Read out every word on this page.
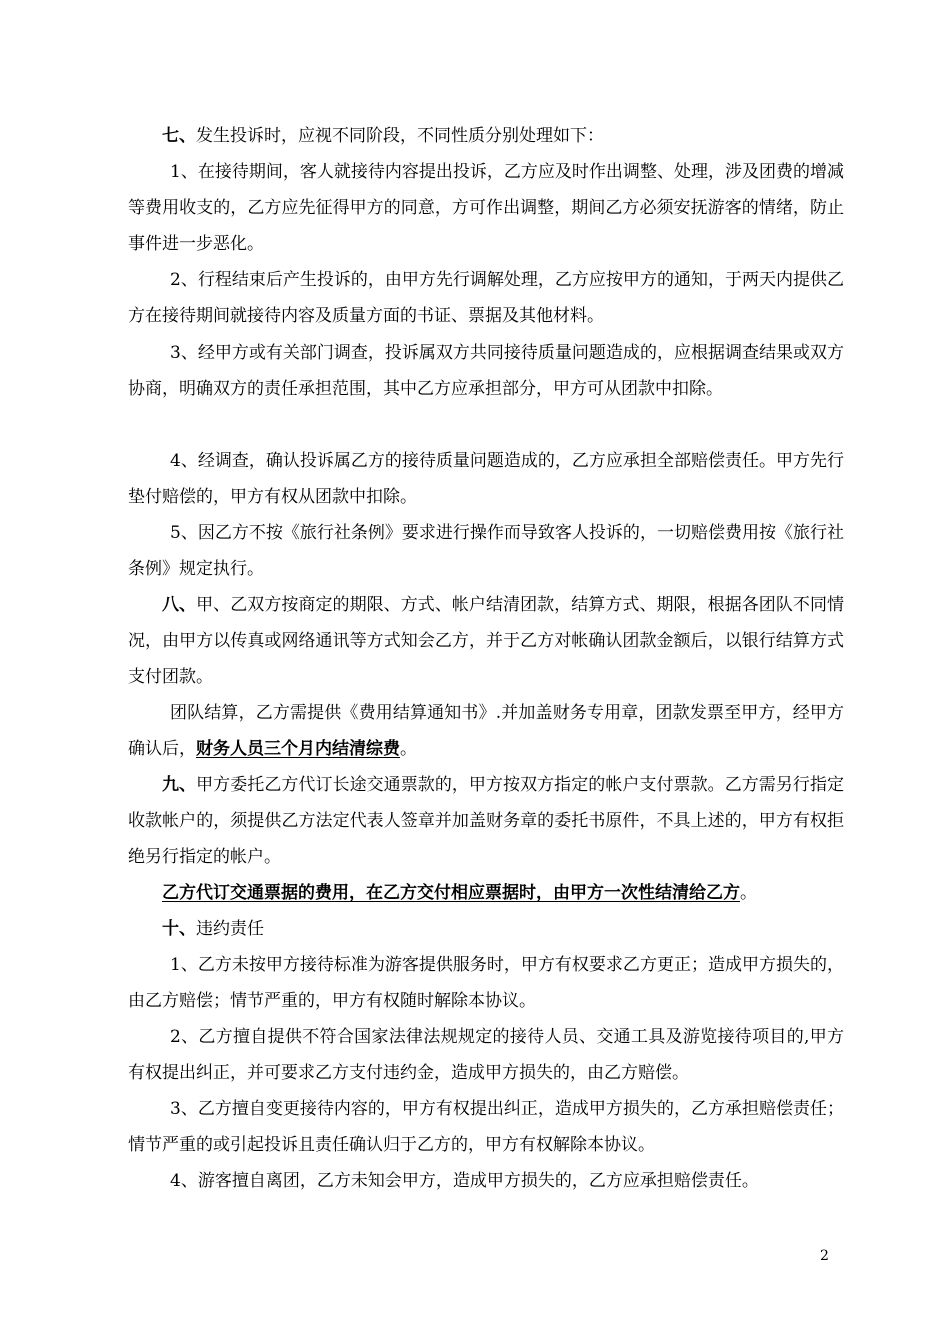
七、发生投诉时，应视不同阶段，不同性质分别处理如下：

1、在接待期间，客人就接待内容提出投诉，乙方应及时作出调整、处理，涉及团费的增减等费用收支的，乙方应先征得甲方的同意，方可作出调整，期间乙方必须安抚游客的情绪，防止事件进一步恶化。

2、行程结束后产生投诉的，由甲方先行调解处理，乙方应按甲方的通知，于两天内提供乙方在接待期间就接待内容及质量方面的书证、票据及其他材料。

3、经甲方或有关部门调查，投诉属双方共同接待质量问题造成的，应根据调查结果或双方协商，明确双方的责任承担范围，其中乙方应承担部分，甲方可从团款中扣除。

4、经调查，确认投诉属乙方的接待质量问题造成的，乙方应承担全部赔偿责任。甲方先行垫付赔偿的，甲方有权从团款中扣除。

5、因乙方不按《旅行社条例》要求进行操作而导致客人投诉的，一切赔偿费用按《旅行社条例》规定执行。

八、甲、乙双方按商定的期限、方式、帐户结清团款，结算方式、期限，根据各团队不同情况，由甲方以传真或网络通讯等方式知会乙方，并于乙方对帐确认团款金额后，以银行结算方式支付团款。

团队结算，乙方需提供《费用结算通知书》.并加盖财务专用章，团款发票至甲方，经甲方确认后，财务人员三个月内结清综费。

九、甲方委托乙方代订长途交通票款的，甲方按双方指定的帐户支付票款。乙方需另行指定收款帐户的，须提供乙方法定代表人签章并加盖财务章的委托书原件，不具上述的，甲方有权拒绝另行指定的帐户。

乙方代订交通票据的费用，在乙方交付相应票据时，由甲方一次性结清给乙方。

十、违约责任

1、乙方未按甲方接待标准为游客提供服务时，甲方有权要求乙方更正；造成甲方损失的，由乙方赔偿；情节严重的，甲方有权随时解除本协议。

2、乙方擅自提供不符合国家法律法规规定的接待人员、交通工具及游览接待项目的,甲方有权提出纠正，并可要求乙方支付违约金，造成甲方损失的，由乙方赔偿。

3、乙方擅自变更接待内容的，甲方有权提出纠正，造成甲方损失的，乙方承担赔偿责任；情节严重的或引起投诉且责任确认归于乙方的，甲方有权解除本协议。

4、游客擅自离团，乙方未知会甲方，造成甲方损失的，乙方应承担赔偿责任。

2
